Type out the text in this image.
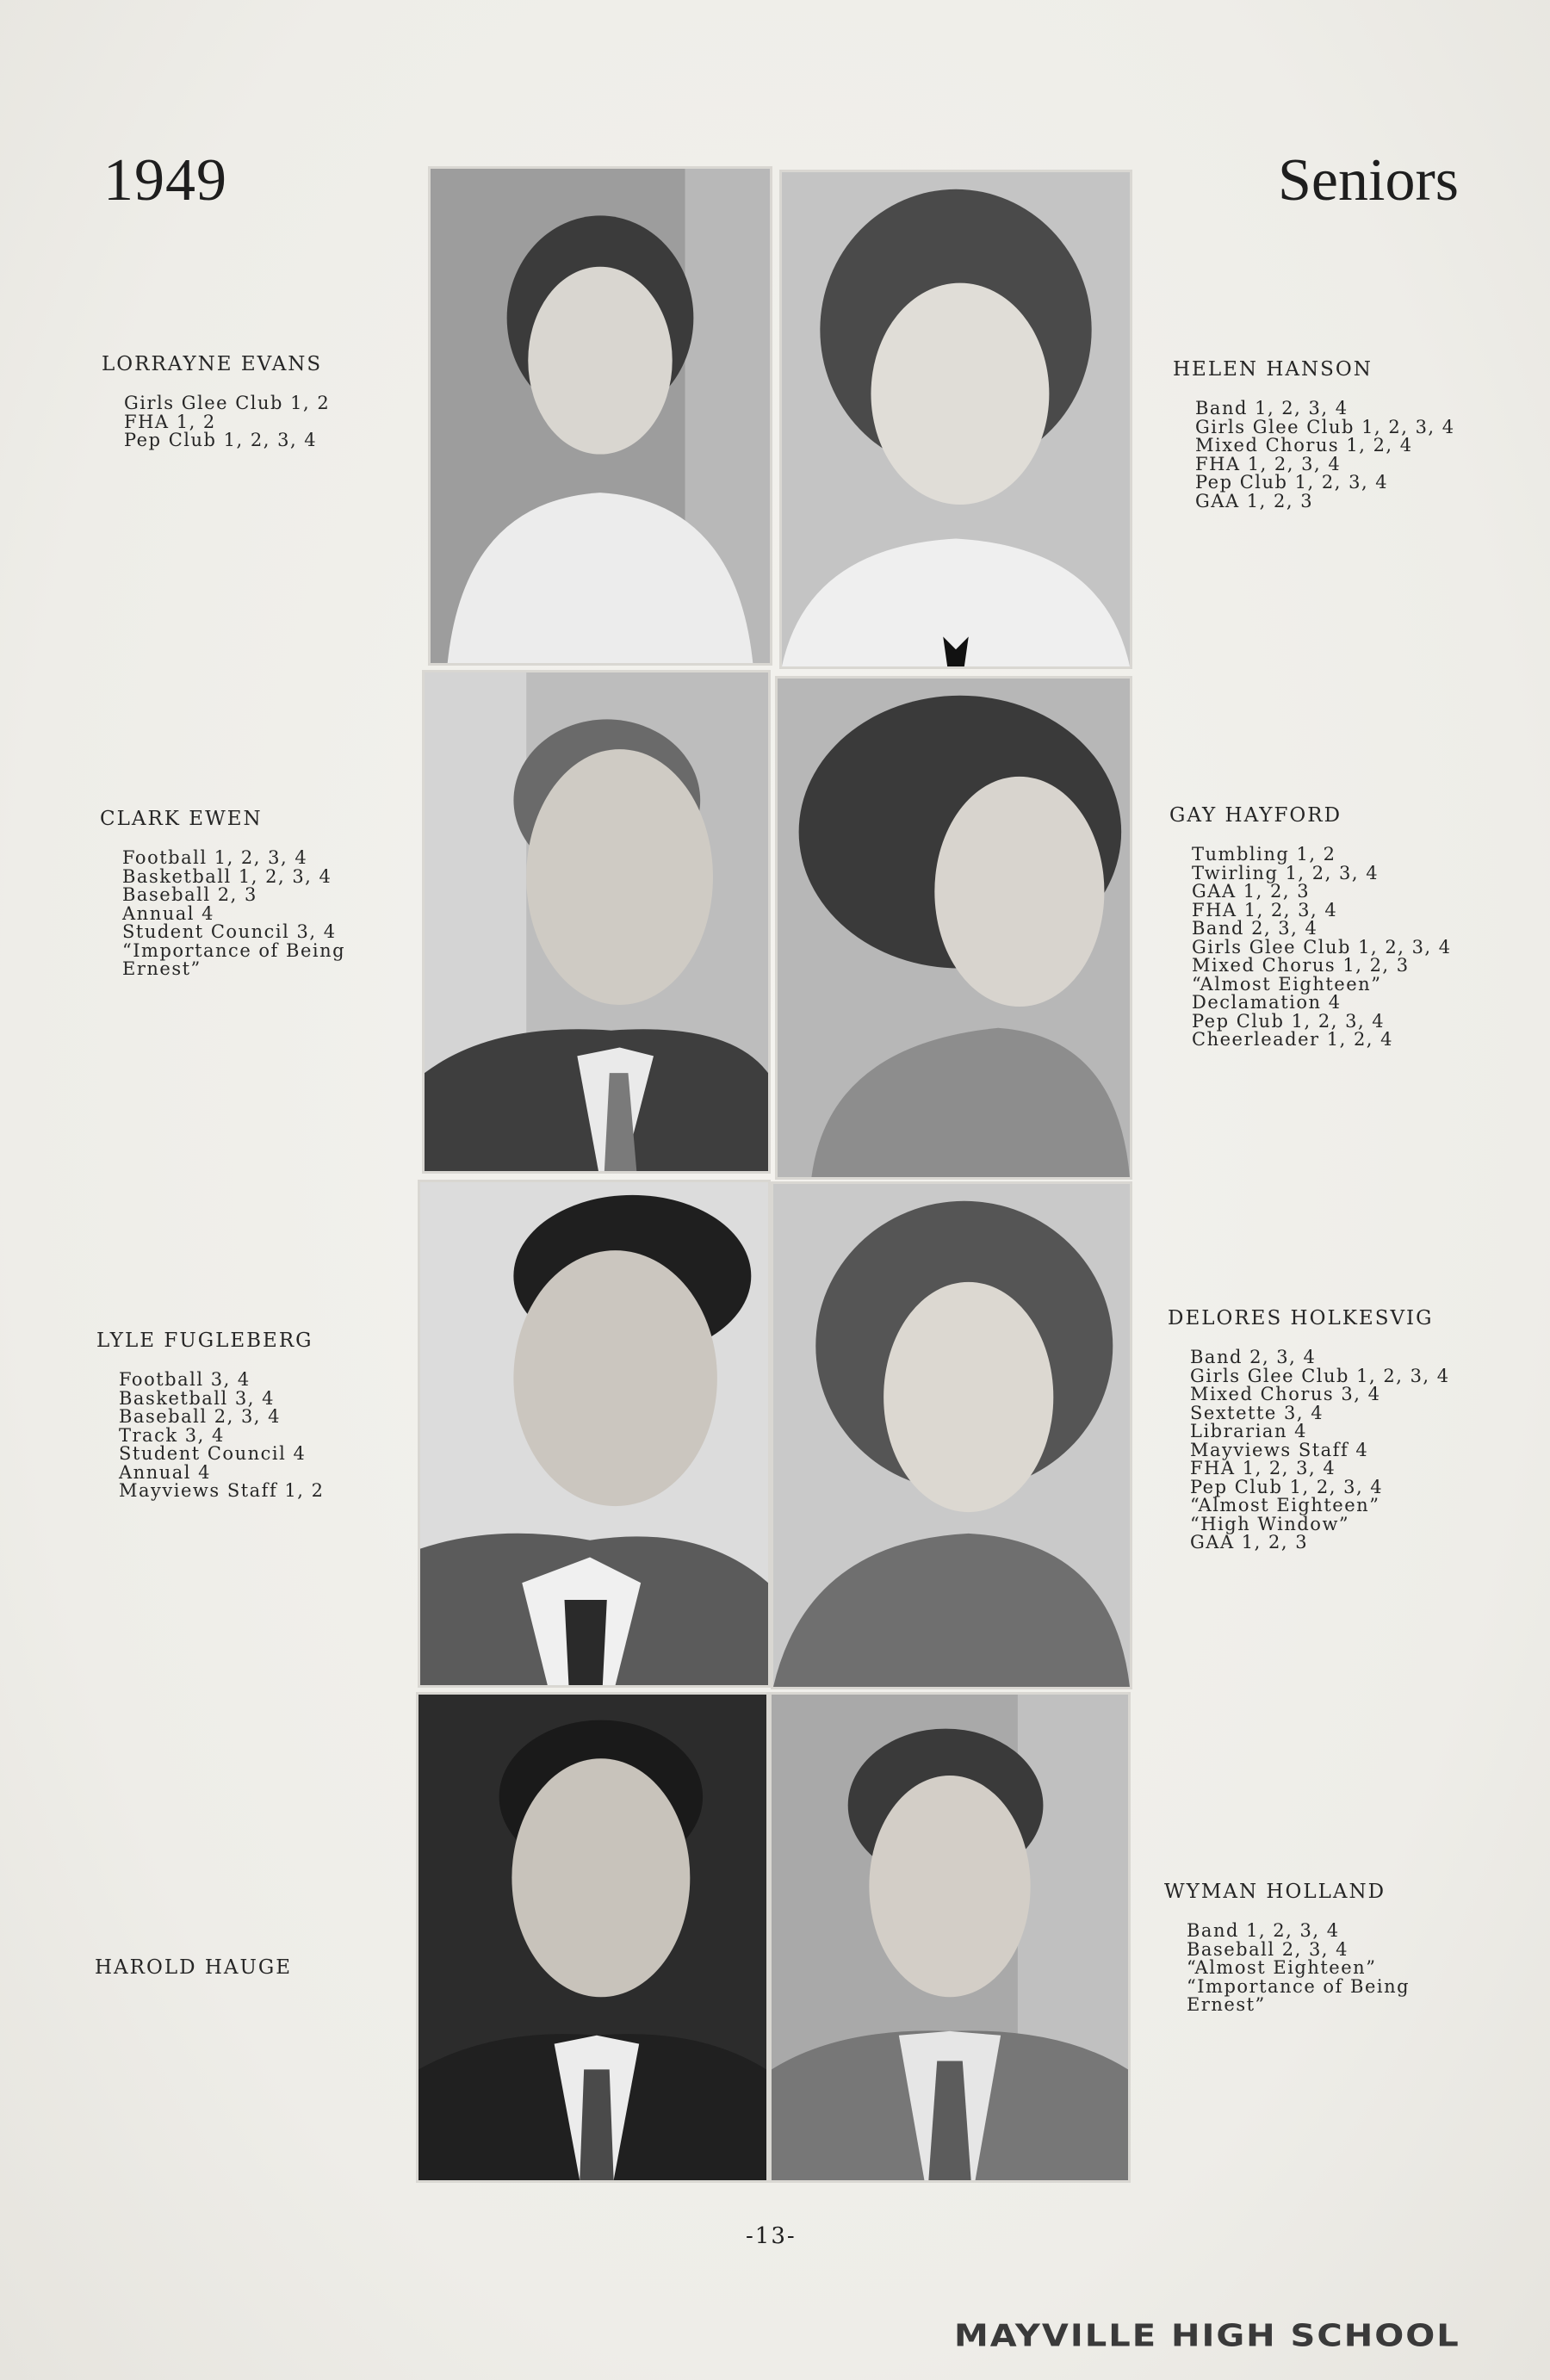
1949	Seniors
LORRAYNE EVANS
Girls Glee Club 1, 2
FHA 1, 2
Pep Club 1, 2, 3, 4
CLARK EWEN
Football 1, 2, 3, 4
Basketball 1, 2, 3, 4
Baseball 2, 3
Annual 4
Student Council 3, 4
“Importance of Being
Ernest”
LYLE FUGLEBERG
Football 3, 4
Basketball 3, 4
Baseball 2, 3, 4
Track 3, 4
Student Council 4
Annual 4
Mayviews Staff 1, 2
HAROLD HAUGE
HELEN HANSON
Band 1, 2, 3, 4
Girls Glee Club 1, 2, 3, 4
Mixed Chorus 1, 2, 4
FHA 1, 2, 3, 4
Pep Club 1, 2, 3, 4
GAA 1, 2, 3
GAY HAYFORD
Tumbling 1, 2
Twirling 1, 2, 3, 4
GAA 1, 2, 3
FHA 1, 2, 3, 4
Band 2, 3, 4
Girls Glee Club 1, 2, 3, 4
Mixed Chorus 1, 2, 3
“Almost Eighteen”
Declamation 4
Pep Club 1, 2, 3, 4
Cheerleader 1, 2, 4
DELORES HOLKESVIG
Band 2, 3, 4
Girls Glee Club 1, 2, 3, 4
Mixed Chorus 3, 4
Sextette 3, 4
Librarian 4
Mayviews Staff 4
FHA 1, 2, 3, 4
Pep Club 1, 2, 3, 4
“Almost Eighteen”
“High Window”
GAA 1, 2, 3
WYMAN HOLLAND
Band 1, 2, 3, 4
Baseball 2, 3, 4
“Almost Eighteen”
“Importance of Being
Ernest”
-13-
MAYVILLE HIGH SCHOOL
